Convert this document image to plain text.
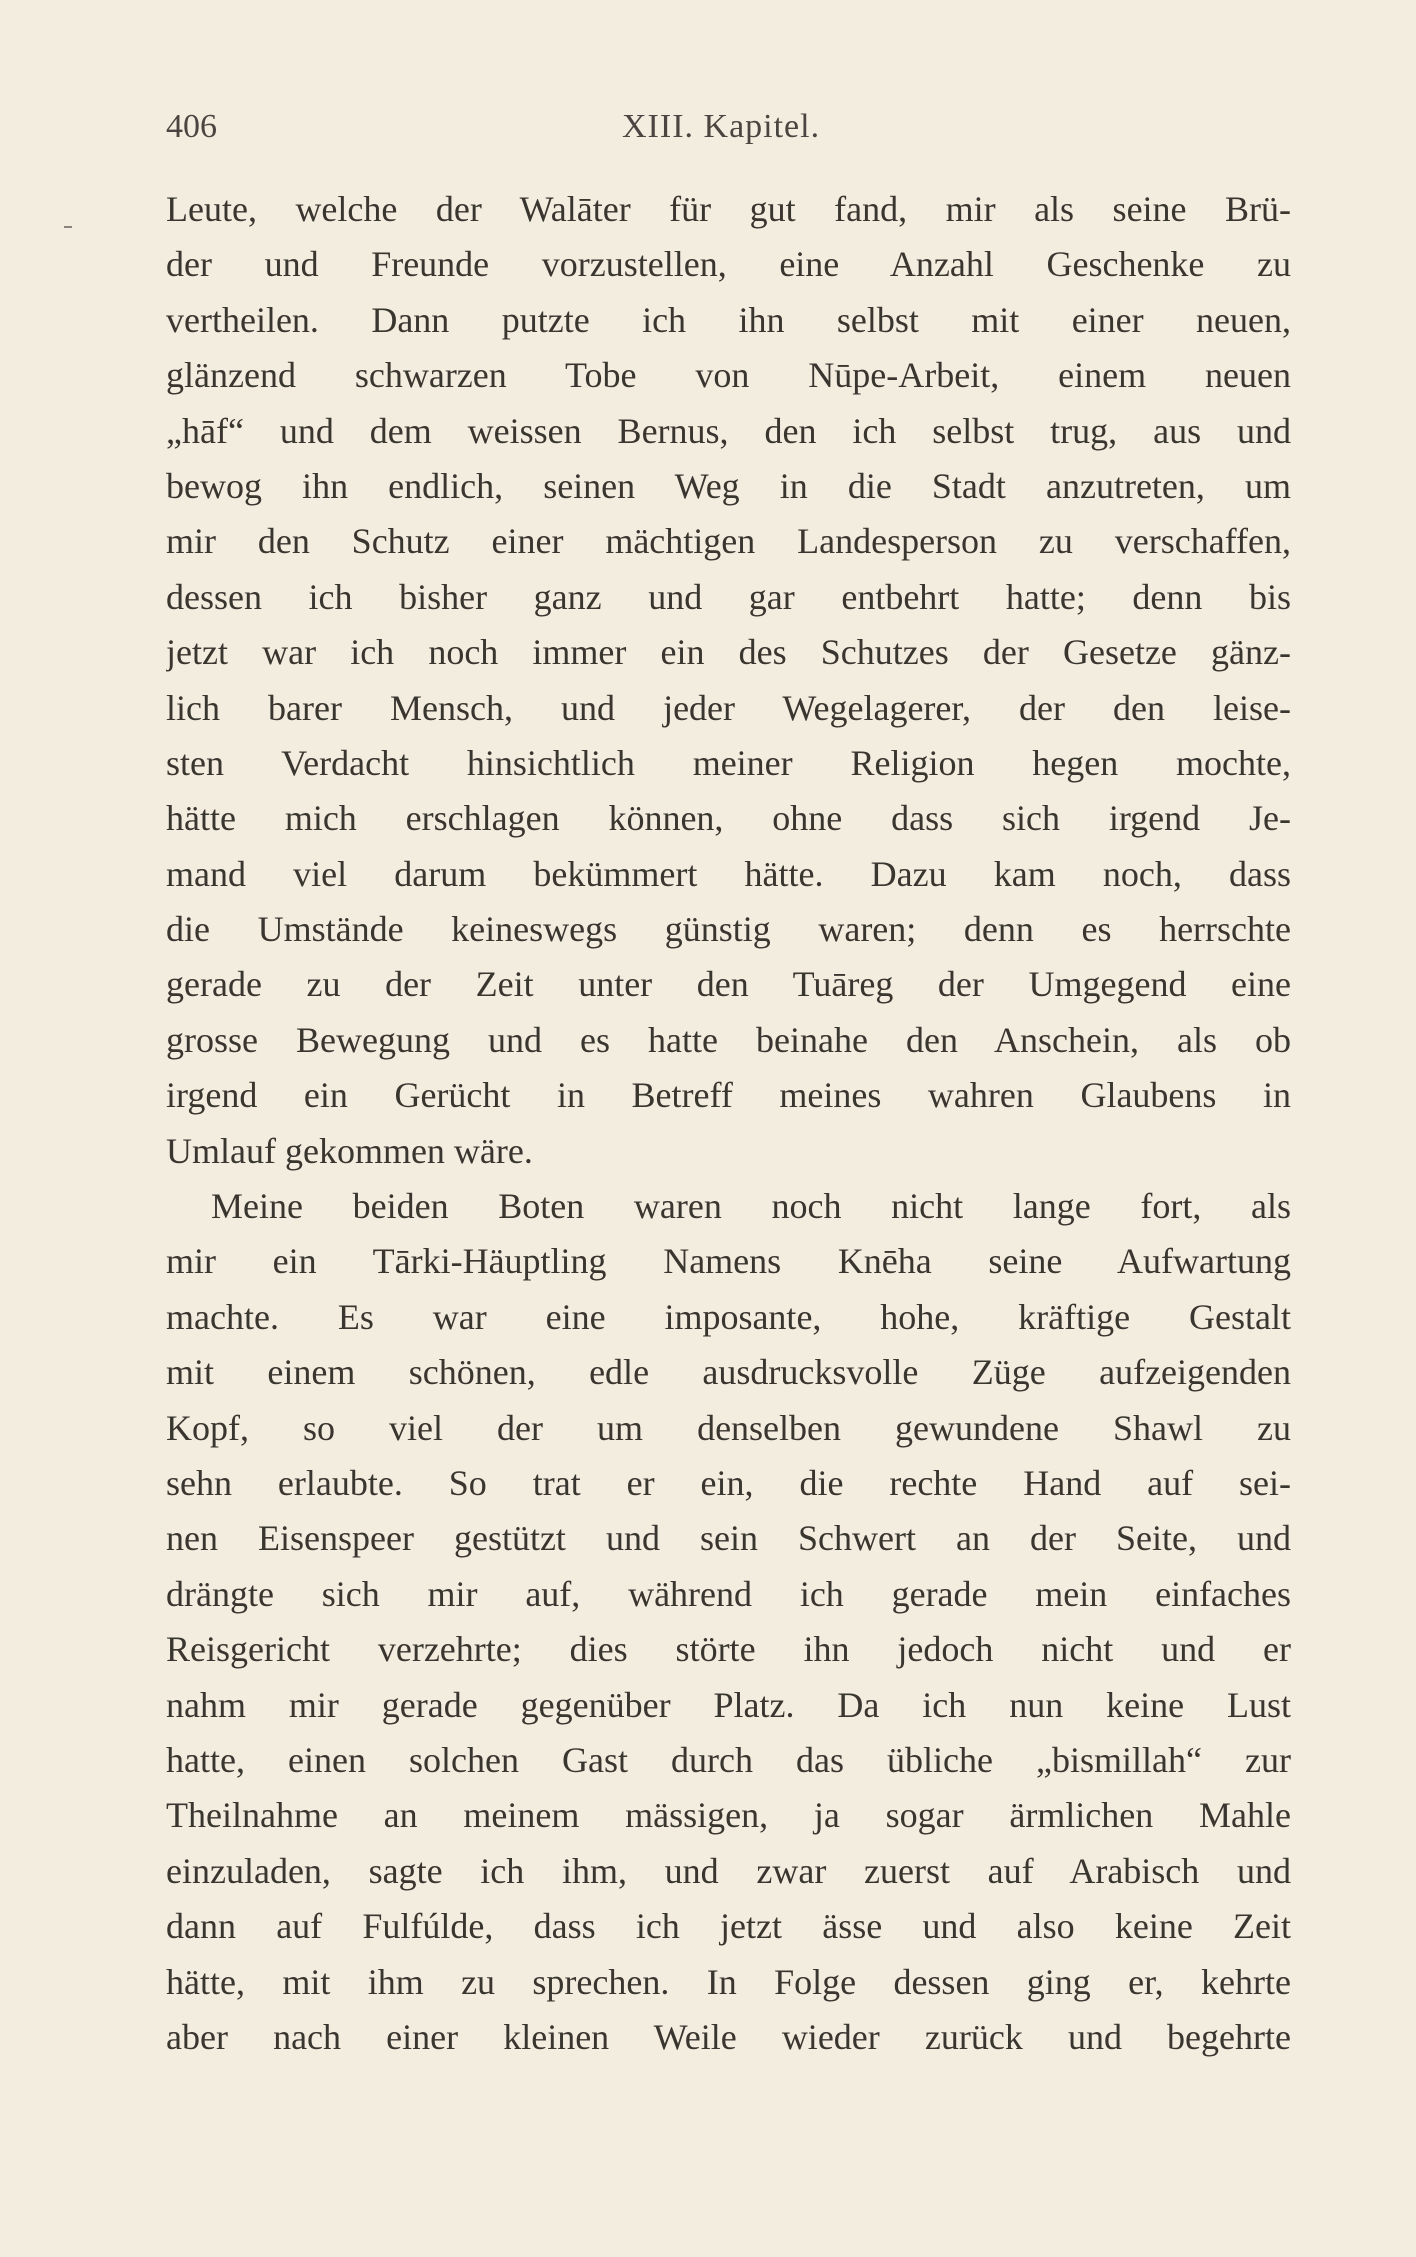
406	XIII. Kapitel.
Leute, welche der Walāter für gut fand, mir als seine Brü-
der und Freunde vorzustellen, eine Anzahl Geschenke zu
vertheilen. Dann putzte ich ihn selbst mit einer neuen,
glänzend schwarzen Tobe von Nūpe-Arbeit, einem neuen
„hāf“ und dem weissen Bernus, den ich selbst trug, aus und
bewog ihn endlich, seinen Weg in die Stadt anzutreten, um
mir den Schutz einer mächtigen Landesperson zu verschaffen,
dessen ich bisher ganz und gar entbehrt hatte; denn bis
jetzt war ich noch immer ein des Schutzes der Gesetze gänz-
lich barer Mensch, und jeder Wegelagerer, der den leise-
sten Verdacht hinsichtlich meiner Religion hegen mochte,
hätte mich erschlagen können, ohne dass sich irgend Je-
mand viel darum bekümmert hätte. Dazu kam noch, dass
die Umstände keineswegs günstig waren; denn es herrschte
gerade zu der Zeit unter den Tuāreg der Umgegend eine
grosse Bewegung und es hatte beinahe den Anschein, als ob
irgend ein Gerücht in Betreff meines wahren Glaubens in
Umlauf gekommen wäre.
Meine beiden Boten waren noch nicht lange fort, als
mir ein Tārki-Häuptling Namens Knēha seine Aufwartung
machte. Es war eine imposante, hohe, kräftige Gestalt
mit einem schönen, edle ausdrucksvolle Züge aufzeigenden
Kopf, so viel der um denselben gewundene Shawl zu
sehn erlaubte. So trat er ein, die rechte Hand auf sei-
nen Eisenspeer gestützt und sein Schwert an der Seite, und
drängte sich mir auf, während ich gerade mein einfaches
Reisgericht verzehrte; dies störte ihn jedoch nicht und er
nahm mir gerade gegenüber Platz. Da ich nun keine Lust
hatte, einen solchen Gast durch das übliche „bismillah“ zur
Theilnahme an meinem mässigen, ja sogar ärmlichen Mahle
einzuladen, sagte ich ihm, und zwar zuerst auf Arabisch und
dann auf Fulfúlde, dass ich jetzt ässe und also keine Zeit
hätte, mit ihm zu sprechen. In Folge dessen ging er, kehrte
aber nach einer kleinen Weile wieder zurück und begehrte
